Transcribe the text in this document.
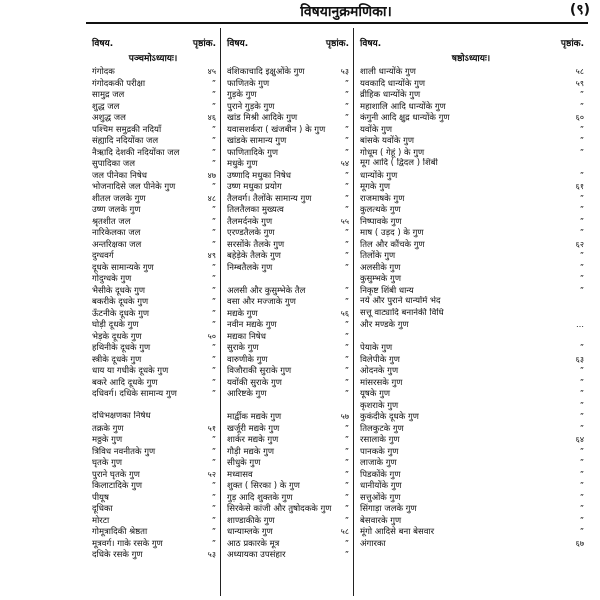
विषयानुक्रमणिका।	(९)
विषय.	पृष्ठांक.
पञ्चमोऽध्यायः।
गंगोदक	४५
गंगोदककी परीक्षा	”
सामुद्र जल	”
शुद्ध जल	”
अशुद्ध जल	४६
पश्चिम समुद्रकी नदियाँ	”
संह्यादि नदियोंका जल	”
नैऋादि देशकी नदियोंका जल	”
सुपादिका जल	”
जल पीनेका निषेध	४७
भोजनादिसे जल पीनेके गुण	”
शीतल जलके गुण	४८
उष्ण जलके गुण	”
श्रृतशीत जल	”
नारिकेलका जल	”
अन्तरिक्षका जल	”
दुग्धवर्ग	४९
दूधके सामान्यके गुण	”
गोदुग्धके गुण	”
भैसीके दूधके गुण	”
बकरीके दूधके गुण	”
ऊँटनीके दूधके गुण	”
घोड़ी दूधके गुण	”
भेड़के दूधके गुण	५०
हथिनीके दूधके गुण	”
स्त्रीके दूधके गुण	”
धाय या गधीके दूधके गुण	”
बकरे आदि दूधके गुण	”
दधिवर्ग। दधिके सामान्य गुण	”
दधिभक्षणका निषेध
तक्रके गुण	५१
मठ्ठके गुण	”
त्रिविध नवनीतके गुण	”
घृतके गुण	”
पुराने घृतके गुण	५२
किलाटादिके गुण	”
पीयूष	”
दूधिका	”
मोरटा	”
गोमूत्रादिकी श्रेष्ठता	”
मूत्रवर्ग। गाके रसके गुण	”
दधिके रसके गुण	५३
विषय.	पृष्ठांक.
वंशिकाचादि इक्षुओंके गुण	५३
फाणितके गुण	”
गुड़के गुण	”
पुराने गुड़के गुण	”
खांड मिश्री आदिके गुण	”
यवासशर्करा ( खंजबीन ) के गुण	”
खांडके सामान्य गुण	”
फाणितादिके गुण	”
मधुके गुण	५४
उष्णादि मधुका निषेध	”
उष्ण मधुका प्रयोग	”
तैलवर्ग। तैलोंके सामान्य गुण	”
तिलतैलका मुख्यत्व	”
तैलमर्दनके गुण	५५
एरण्डतैलके गुण	”
सरसोंके तैलके गुण	”
बहेड़ेके तैलके गुण	”
निम्बतैलके गुण	”
अलसी और कुसुम्भेके तैल	”
वसा और मज्जाके गुण	”
मद्यके गुण	५६
नवीन मद्यके गुण	”
मद्यका निषेध	”
सुराके गुण	”
वारुणीके गुण	”
विजौराकी सुराके गुण	”
यवोंकी सुराके गुण	”
आरिष्टके गुण	”
मार्द्वीक मद्यके गुण	५७
खर्जूरी मद्यके गुण	”
शार्कर मद्यके गुण	”
गौड़ी मद्यके गुण	”
सीधुके गुण	”
मध्वासव	”
शुक्त ( सिरका ) के गुण	”
गुड़ आदि शुक्तके गुण	”
सिरकेसे कांजी और तुषोदकके गुण	”
शाण्डाकीके गुण	”
धान्याम्लके गुण	५८
आठ प्रकारके मूत्र	”
अध्यायका उपसंहार	”
विषय.	पृष्ठांक.
षष्ठोऽध्यायः।
शाली धान्योंके गुण	५८
यवकादि धान्योंके गुण	५९
व्रीहिक धान्योंके गुण	”
महाशालि आदि धान्योंके गुण	”
कंगुनी आदि क्षुद्र धान्योंके गुण	६०
यवोंके गुण	”
बांसके यवोंके गुण	”
गोधूम ( गेहूं ) के गुण	”
मूग आदि ( द्विदल ) शिंबी
धान्योंके गुण	”
मूगके गुण	६१
राजमाषके गुण	”
कुलत्थके गुण	”
निष्पावके गुण	”
माष ( उड़द ) के गुण	”
तिल और कौंचके गुण	६२
तिलोंके गुण	”
अलसीके गुण	”
कुसुम्भके गुण	”
निकृष्ट शिंबी धान्य	”
नये और पुराने धान्योंमें भेद
सत्तू वाट्यादि बनानेकी विधि
और मण्डके गुण	…
पेयाके गुण	”
विलेपीके गुण	६३
ओदनके गुण	”
मांसरसके गुण	”
यूषके गुण	”
कृशराके गुण	”
कुकंदीके दूधके गुण	”
तिलकुटके गुण	”
रसालाके गुण	६४
पानकके गुण	”
लाजाके गुण	”
पिडकोंके गुण	”
धानीयोंके गुण	”
सत्तुओंके गुण	”
सिंगाड़ा जलके गुण	”
बेसवारके गुण	”
मूंगो आदिसे बना बेसवार	”
अंगारका	६७
